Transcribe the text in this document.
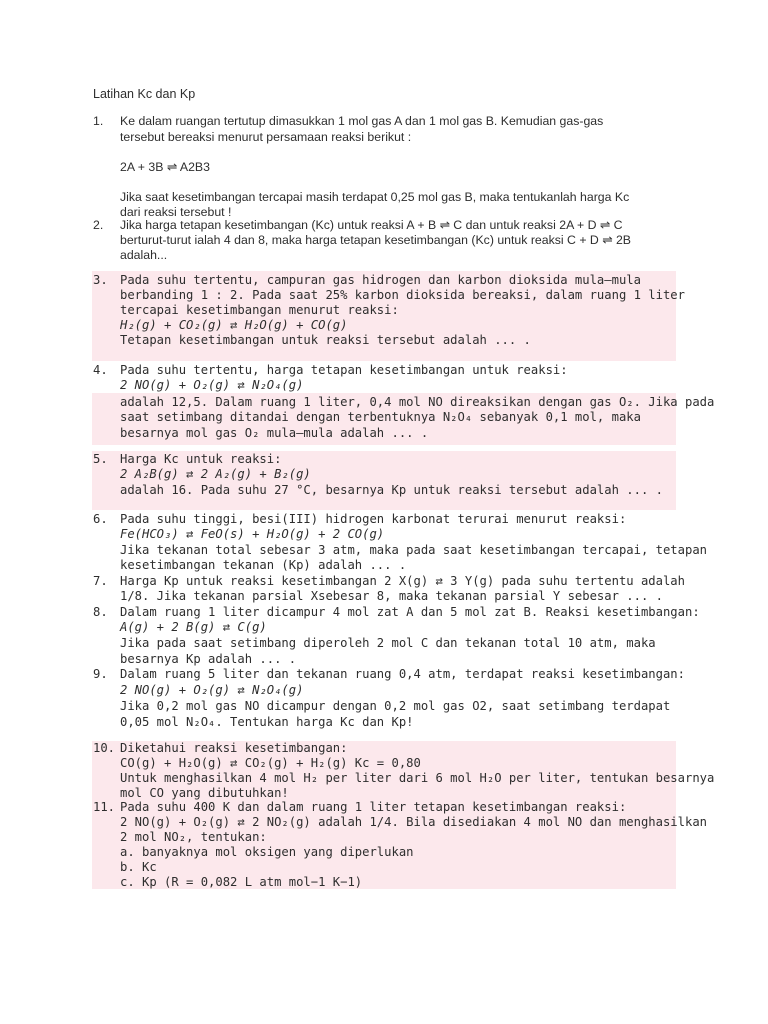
Latihan Kc dan Kp
1. Ke dalam ruangan tertutup dimasukkan 1 mol gas A dan 1 mol gas B. Kemudian gas-gas
tersebut bereaksi menurut persamaan reaksi berikut :
2A + 3B ⇌ A2B3
Jika saat kesetimbangan tercapai masih terdapat 0,25 mol gas B, maka tentukanlah harga Kc
dari reaksi tersebut !
2. Jika harga tetapan kesetimbangan (Kc) untuk reaksi A + B ⇌ C dan untuk reaksi 2A + D ⇌ C
berturut-turut ialah 4 dan 8, maka harga tetapan kesetimbangan (Kc) untuk reaksi C + D ⇌ 2B
adalah...
3. Pada suhu tertentu, campuran gas hidrogen dan karbon dioksida mula–mula
berbanding 1 : 2. Pada saat 25% karbon dioksida bereaksi, dalam ruang 1 liter
tercapai kesetimbangan menurut reaksi:
H₂(g) + CO₂(g) ⇄ H₂O(g) + CO(g)
Tetapan kesetimbangan untuk reaksi tersebut adalah ... .
4. Pada suhu tertentu, harga tetapan kesetimbangan untuk reaksi:
2 NO(g) + O₂(g) ⇄ N₂O₄(g)
adalah 12,5. Dalam ruang 1 liter, 0,4 mol NO direaksikan dengan gas O₂. Jika pada
saat setimbang ditandai dengan terbentuknya N₂O₄ sebanyak 0,1 mol, maka
besarnya mol gas O₂ mula–mula adalah ... .
5. Harga Kc untuk reaksi:
2 A₂B(g) ⇄ 2 A₂(g) + B₂(g)
adalah 16. Pada suhu 27 °C, besarnya Kp untuk reaksi tersebut adalah ... .
6. Pada suhu tinggi, besi(III) hidrogen karbonat terurai menurut reaksi:
Fe(HCO₃) ⇄ FeO(s) + H₂O(g) + 2 CO(g)
Jika tekanan total sebesar 3 atm, maka pada saat kesetimbangan tercapai, tetapan
kesetimbangan tekanan (Kp) adalah ... .
7. Harga Kp untuk reaksi kesetimbangan 2 X(g) ⇄ 3 Y(g) pada suhu tertentu adalah
1/8. Jika tekanan parsial Xsebesar 8, maka tekanan parsial Y sebesar ... .
8. Dalam ruang 1 liter dicampur 4 mol zat A dan 5 mol zat B. Reaksi kesetimbangan:
A(g) + 2 B(g) ⇄ C(g)
Jika pada saat setimbang diperoleh 2 mol C dan tekanan total 10 atm, maka
besarnya Kp adalah ... .
9. Dalam ruang 5 liter dan tekanan ruang 0,4 atm, terdapat reaksi kesetimbangan:
2 NO(g) + O₂(g) ⇄ N₂O₄(g)
Jika 0,2 mol gas NO dicampur dengan 0,2 mol gas O2, saat setimbang terdapat
0,05 mol N₂O₄. Tentukan harga Kc dan Kp!
10. Diketahui reaksi kesetimbangan:
CO(g) + H₂O(g) ⇄ CO₂(g) + H₂(g) Kc = 0,80
Untuk menghasilkan 4 mol H₂ per liter dari 6 mol H₂O per liter, tentukan besarnya
mol CO yang dibutuhkan!
11. Pada suhu 400 K dan dalam ruang 1 liter tetapan kesetimbangan reaksi:
2 NO(g) + O₂(g) ⇄ 2 NO₂(g) adalah 1/4. Bila disediakan 4 mol NO dan menghasilkan
2 mol NO₂, tentukan:
a. banyaknya mol oksigen yang diperlukan
b. Kc
c. Kp (R = 0,082 L atm mol−1 K−1)
